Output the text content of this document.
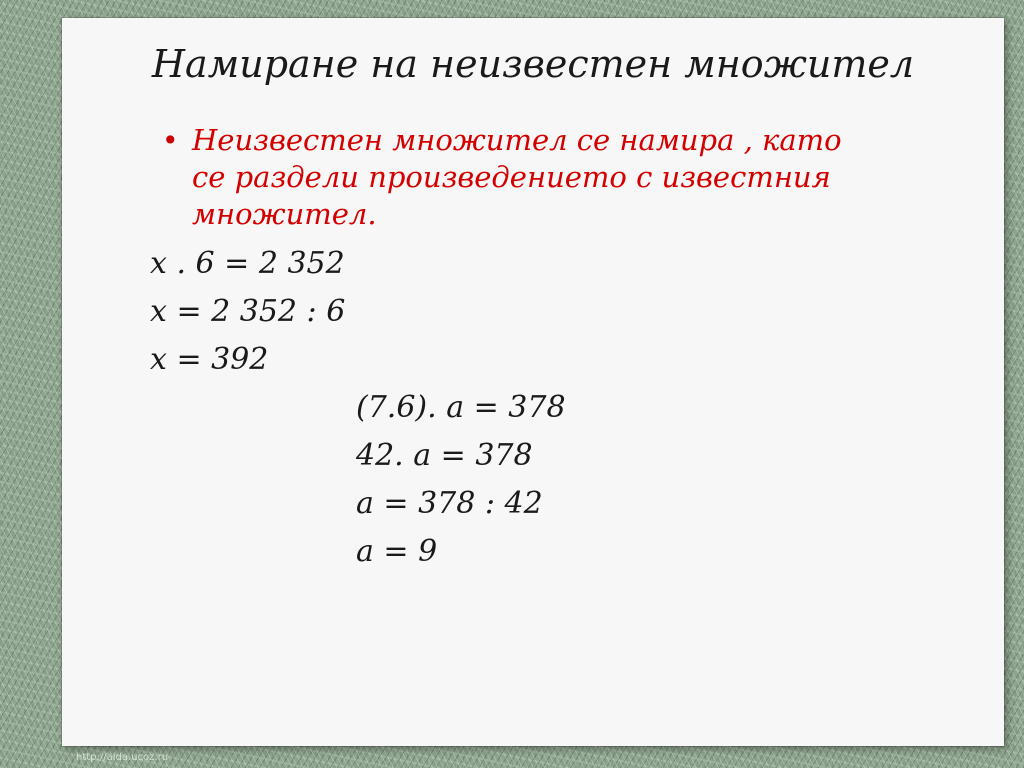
Намиране на неизвестен множител
• Неизвестен множител се намира , като се раздели произведението с известния множител.
х . 6 = 2 352
х = 2 352 : 6
х = 392
(7.6). а = 378
42. а = 378
а = 378 : 42
а = 9
http://aida.ucoz.ru
